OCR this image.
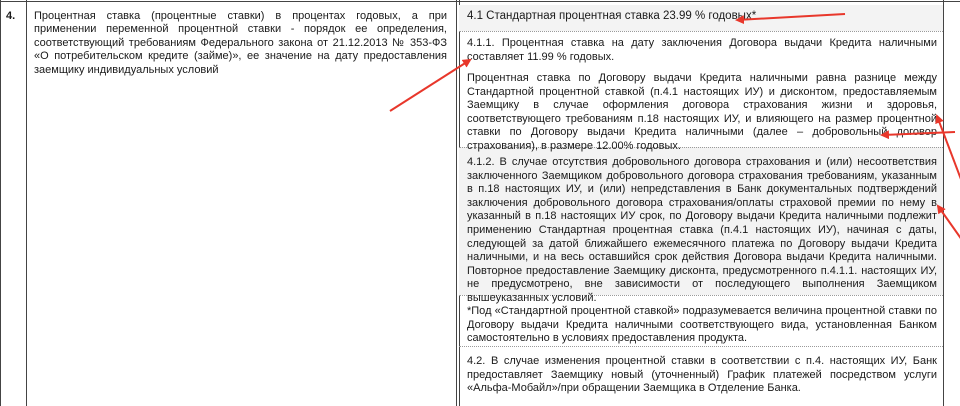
4.	Процентная ставка (процентные ставки) в процентах годовых, а при применении переменной процентной ставки - порядок ее определения, соответствующий требованиям Федерального закона от 21.12.2013 № 353-ФЗ «О потребительском кредите (займе)», ее значение на дату предоставления заемщику индивидуальных условий
4.1 Стандартная процентная ставка 23.99 % годовых*
4.1.1. Процентная ставка на дату заключения Договора выдачи Кредита наличными составляет 11.99 % годовых.
Процентная ставка по Договору выдачи Кредита наличными равна разнице между Стандартной процентной ставкой (п.4.1 настоящих ИУ) и дисконтом, предоставляемым Заемщику в случае оформления договора страхования жизни и здоровья, соответствующего требованиям п.18 настоящих ИУ, и влияющего на размер процентной ставки по Договору выдачи Кредита наличными (далее – добровольный договор страхования), в размере 12.00% годовых.
4.1.2. В случае отсутствия добровольного договора страхования и (или) несоответствия заключенного Заемщиком добровольного договора страхования требованиям, указанным в п.18 настоящих ИУ, и (или) непредставления в Банк документальных подтверждений заключения добровольного договора страхования/оплаты страховой премии по нему в указанный в п.18 настоящих ИУ срок, по Договору выдачи Кредита наличными подлежит применению Стандартная процентная ставка (п.4.1 настоящих ИУ), начиная с даты, следующей за датой ближайшего ежемесячного платежа по Договору выдачи Кредита наличными, и на весь оставшийся срок действия Договора выдачи Кредита наличными. Повторное предоставление Заемщику дисконта, предусмотренного п.4.1.1. настоящих ИУ, не предусмотрено, вне зависимости от последующего выполнения Заемщиком вышеуказанных условий.
*Под «Стандартной процентной ставкой» подразумевается величина процентной ставки по Договору выдачи Кредита наличными соответствующего вида, установленная Банком самостоятельно в условиях предоставления продукта.
4.2. В случае изменения процентной ставки в соответствии с п.4. настоящих ИУ, Банк предоставляет Заемщику новый (уточненный) График платежей посредством услуги «Альфа-Мобайл»/при обращении Заемщика в Отделение Банка.
